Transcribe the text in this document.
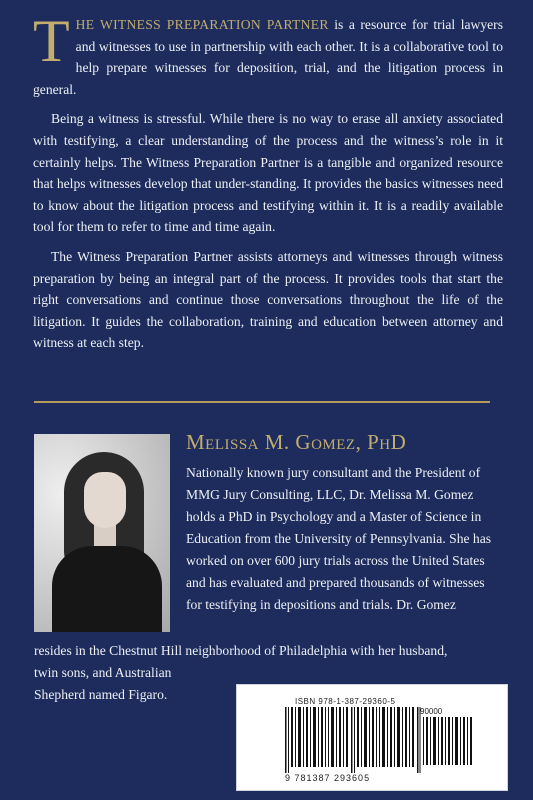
THE WITNESS PREPARATION PARTNER is a resource for trial lawyers and witnesses to use in partnership with each other. It is a collaborative tool to help prepare witnesses for deposition, trial, and the litigation process in general.

Being a witness is stressful. While there is no way to erase all anxiety associated with testifying, a clear understanding of the process and the witness’s role in it certainly helps. The Witness Preparation Partner is a tangible and organized resource that helps witnesses develop that under-standing. It provides the basics witnesses need to know about the litigation process and testifying within it. It is a readily available tool for them to refer to time and time again.

The Witness Preparation Partner assists attorneys and witnesses through witness preparation by being an integral part of the process. It provides tools that start the right conversations and continue those conversations throughout the life of the litigation. It guides the collaboration, training and education between attorney and witness at each step.

Melissa M. Gomez, PhD
Nationally known jury consultant and the President of MMG Jury Consulting, LLC, Dr. Melissa M. Gomez holds a PhD in Psychology and a Master of Science in Education from the University of Pennsylvania. She has worked on over 600 jury trials across the United States and has evaluated and prepared thousands of witnesses for testifying in depositions and trials. Dr. Gomez
resides in the Chestnut Hill neighborhood of Philadelphia with her husband,
twin sons, and Australian Shepherd named Figaro.	ISBN 978-1-387-29360-5
90000
9 781387 293605
